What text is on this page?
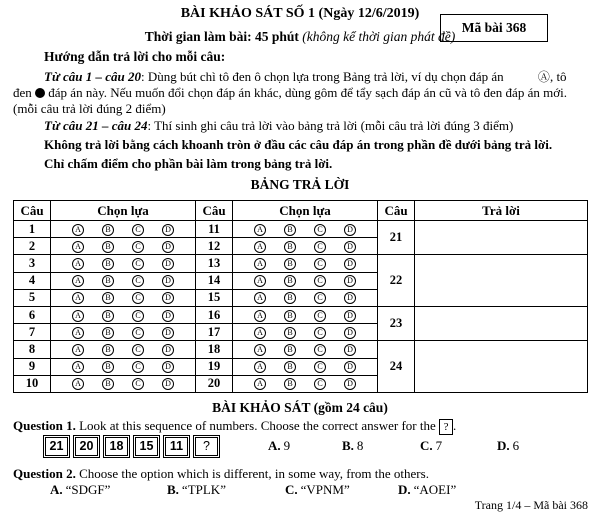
BÀI KHẢO SÁT SỐ 1 (Ngày 12/6/2019)
Thời gian làm bài: 45 phút (không kể thời gian phát đề)
Mã bài 368
Hướng dẫn trả lời cho mỗi câu:
Từ câu 1 – câu 20: Dùng bút chì tô đen ô chọn lựa trong Bảng trả lời, ví dụ chọn đáp án	Ⓐ, tô đen  đáp án này. Nếu muốn đổi chọn đáp án khác, dùng gôm để tẩy sạch đáp án cũ và tô đen đáp án mới. (mỗi câu trả lời đúng 2 điểm)
Từ câu 21 – câu 24: Thí sinh ghi câu trả lời vào bảng trả lời (mỗi câu trả lời đúng 3 điểm)
Không trả lời bằng cách khoanh tròn ở đầu các câu đáp án trong phần đề dưới bảng trả lời.
Chỉ chấm điểm cho phần bài làm trong bảng trả lời.
BẢNG TRẢ LỜI
Câu	Chọn lựa	Câu	Chọn lựa	Câu	Trả lời
1	A B C D	11	A B C D	21	
2	A B C D	12	A B C D		
3	A B C D	13	A B C D	22	
4	A B C D	14	A B C D		
5	A B C D	15	A B C D		
6	A B C D	16	A B C D	23	
7	A B C D	17	A B C D		
8	A B C D	18	A B C D	24	
9	A B C D	19	A B C D		
10	A B C D	20	A B C D		
BÀI KHẢO SÁT (gồm 24 câu)
Question 1. Look at this sequence of numbers. Choose the correct answer for the ? .
21	20	18	15	11	?	A. 9	B. 8	C. 7	D. 6
Question 2. Choose the option which is different, in some way, from the others.
A. “SDGF”	B. “TPLK”	C. “VPNM”	D. “AOEI”
Trang 1/4 – Mã bài 368
